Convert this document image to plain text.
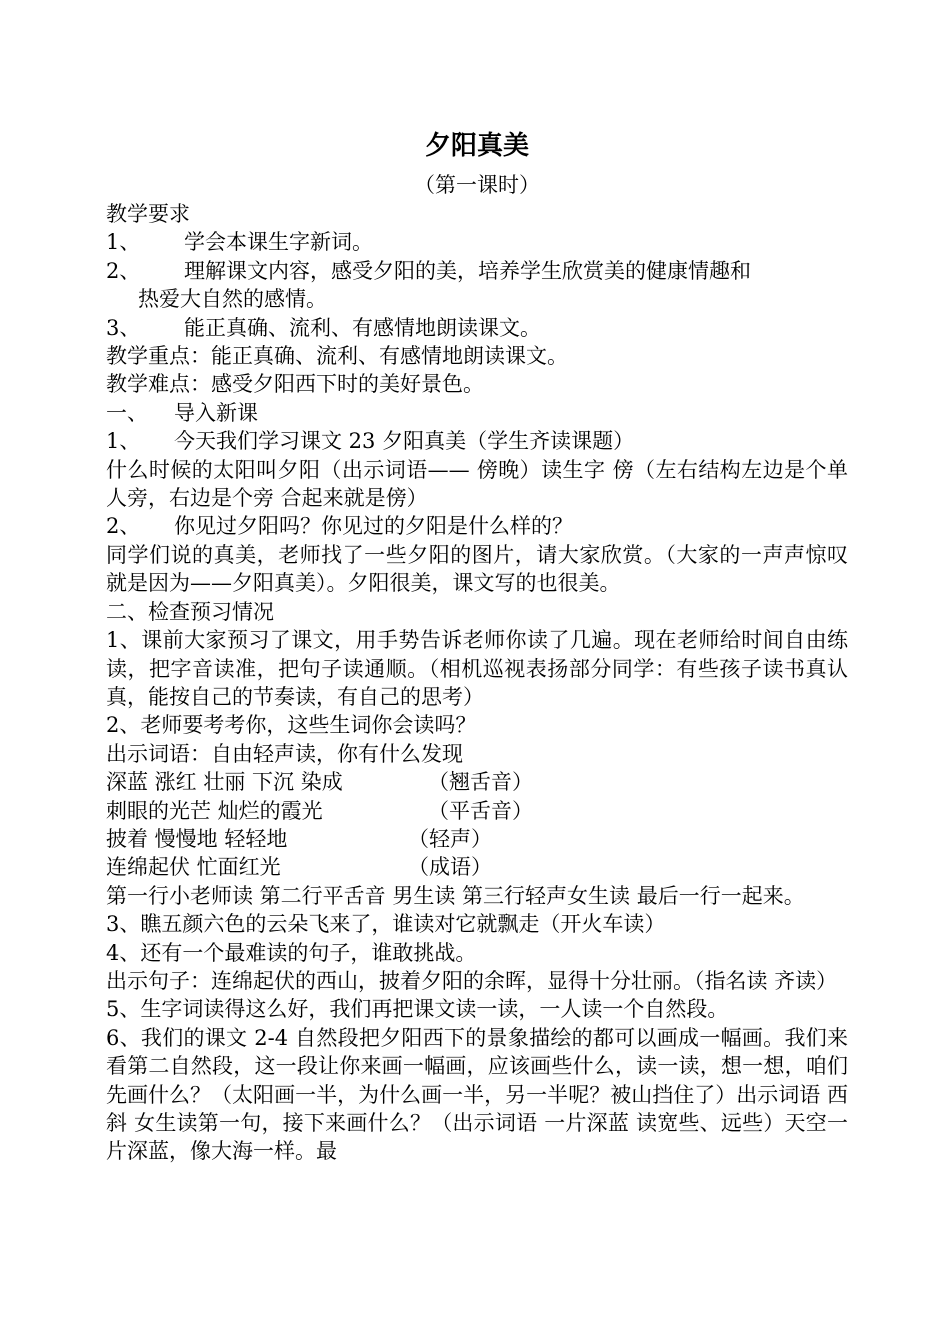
夕阳真美
（第一课时）

教学要求

1、	学会本课生字新词。
2、	理解课文内容，感受夕阳的美，培养学生欣赏美的健康情趣和

热爱大自然的感情。

3、	能正真确、流利、有感情地朗读课文。

教学重点：能正真确、流利、有感情地朗读课文。

教学难点：感受夕阳西下时的美好景色。

一、	导入新课
1、	今天我们学习课文 23 夕阳真美（学生齐读课题）

什么时候的太阳叫夕阳（出示词语—— 傍晚）读生字 傍（左右结构左边是个单人旁，右边是个旁 合起来就是傍）

2、	你见过夕阳吗？你见过的夕阳是什么样的？

同学们说的真美，老师找了一些夕阳的图片，请大家欣赏。（大家的一声声惊叹就是因为——夕阳真美）。夕阳很美，课文写的也很美。

二、检查预习情况

1、课前大家预习了课文，用手势告诉老师你读了几遍。现在老师给时间自由练读，把字音读准，把句子读通顺。（相机巡视表扬部分同学：有些孩子读书真认真，能按自己的节奏读，有自己的思考）

2、老师要考考你，这些生词你会读吗？

出示词语：自由轻声读，你有什么发现

深蓝 涨红 壮丽 下沉 染成	（翘舌音）
刺眼的光芒 灿烂的霞光	（平舌音）
披着 慢慢地 轻轻地	（轻声）
连绵起伏 忙面红光	（成语）

第一行小老师读 第二行平舌音 男生读 第三行轻声女生读 最后一行一起来。

3、瞧五颜六色的云朵飞来了，谁读对它就飘走（开火车读）

4、还有一个最难读的句子，谁敢挑战。

出示句子：连绵起伏的西山，披着夕阳的余晖，显得十分壮丽。（指名读 齐读）

5、生字词读得这么好，我们再把课文读一读，一人读一个自然段。

6、我们的课文 2-4 自然段把夕阳西下的景象描绘的都可以画成一幅画。我们来看第二自然段，这一段让你来画一幅画，应该画些什么，读一读，想一想，咱们先画什么？（太阳画一半，为什么画一半，另一半呢？被山挡住了）出示词语 西斜 女生读第一句，接下来画什么？（出示词语 一片深蓝 读宽些、远些）天空一片深蓝，像大海一样。最
